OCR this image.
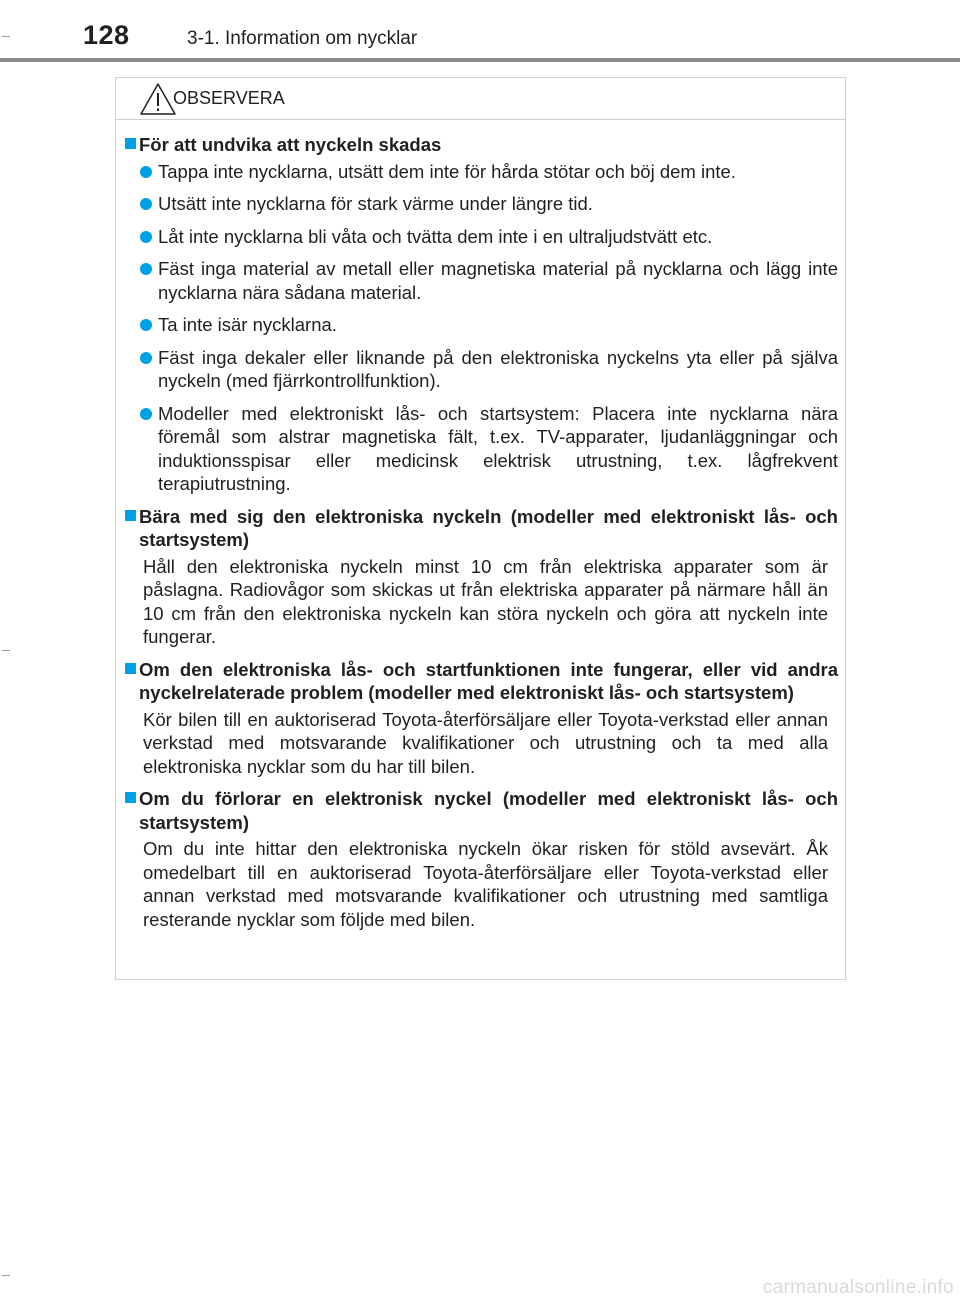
128	3-1. Information om nycklar
OBSERVERA
För att undvika att nyckeln skadas
Tappa inte nycklarna, utsätt dem inte för hårda stötar och böj dem inte.
Utsätt inte nycklarna för stark värme under längre tid.
Låt inte nycklarna bli våta och tvätta dem inte i en ultraljudstvätt etc.
Fäst inga material av metall eller magnetiska material på nycklarna och lägg inte nycklarna nära sådana material.
Ta inte isär nycklarna.
Fäst inga dekaler eller liknande på den elektroniska nyckelns yta eller på själva nyckeln (med fjärrkontrollfunktion).
Modeller med elektroniskt lås- och startsystem: Placera inte nycklarna nära föremål som alstrar magnetiska fält, t.ex. TV-apparater, ljudanläggningar och induktionsspisar eller medicinsk elektrisk utrustning, t.ex. lågfrekvent terapiutrustning.
Bära med sig den elektroniska nyckeln (modeller med elektroniskt lås- och startsystem)
Håll den elektroniska nyckeln minst 10 cm från elektriska apparater som är påslagna. Radiovågor som skickas ut från elektriska apparater på närmare håll än 10 cm från den elektroniska nyckeln kan störa nyckeln och göra att nyckeln inte fungerar.
Om den elektroniska lås- och startfunktionen inte fungerar, eller vid andra nyckelrelaterade problem (modeller med elektroniskt lås- och startsystem)
Kör bilen till en auktoriserad Toyota-återförsäljare eller Toyota-verkstad eller annan verkstad med motsvarande kvalifikationer och utrustning och ta med alla elektroniska nycklar som du har till bilen.
Om du förlorar en elektronisk nyckel (modeller med elektroniskt lås- och startsystem)
Om du inte hittar den elektroniska nyckeln ökar risken för stöld avsevärt. Åk omedelbart till en auktoriserad Toyota-återförsäljare eller Toyota-verkstad eller annan verkstad med motsvarande kvalifikationer och utrustning med samtliga resterande nycklar som följde med bilen.
carmanualsonline.info
